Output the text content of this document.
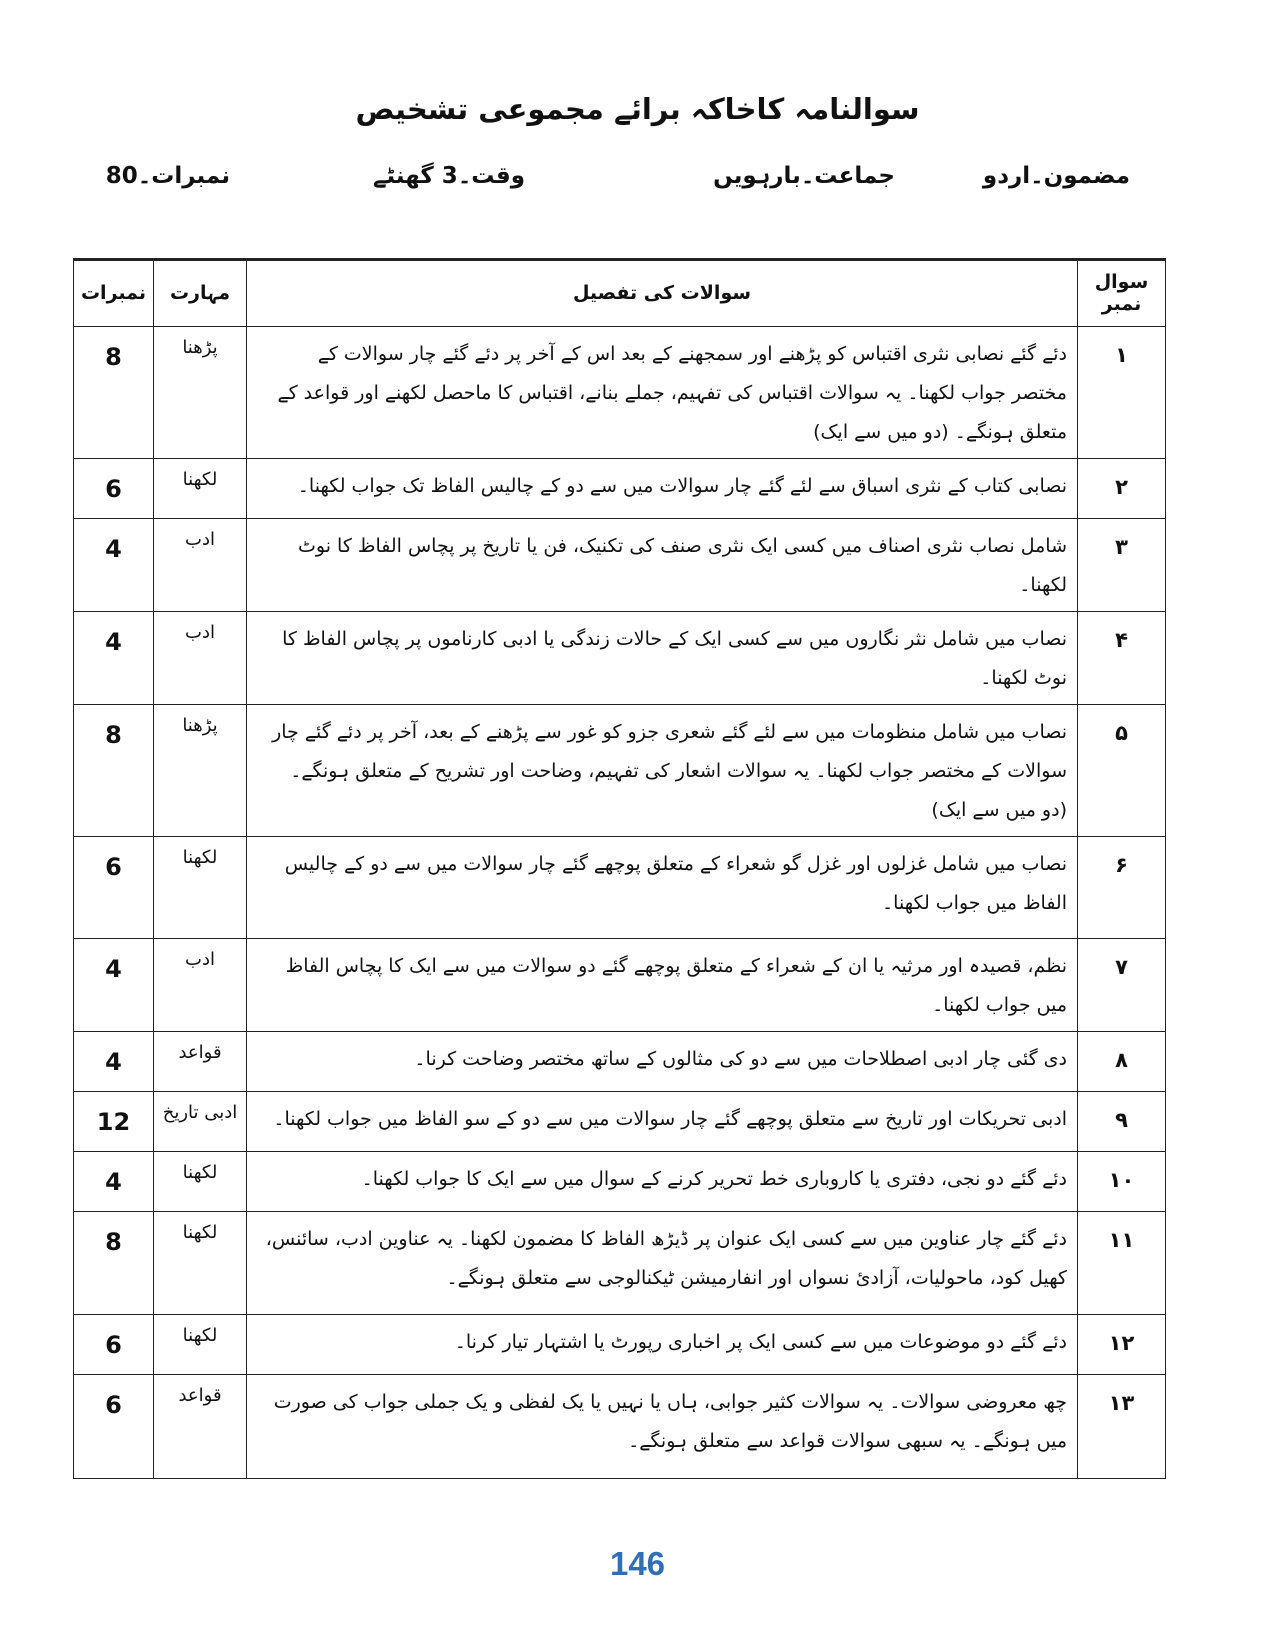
سوالنامہ کاخاکہ برائے مجموعی تشخیص
مضمون۔اردو
جماعت۔بارہویں
وقت۔3 گھنٹے
نمبرات۔80
سوال نمبر	سوالات کی تفصیل	مہارت	نمبرات
۱	دئے گئے نصابی نثری اقتباس کو پڑھنے اور سمجھنے کے بعد اس کے آخر پر دئے گئے چار سوالات کے مختصر جواب لکھنا۔ یہ سوالات اقتباس کی تفہیم، جملے بنانے، اقتباس کا ماحصل لکھنے اور قواعد کے متعلق ہونگے۔ (دو میں سے ایک)	پڑھنا	8
۲	نصابی کتاب کے نثری اسباق سے لئے گئے چار سوالات میں سے دو کے چالیس الفاظ تک جواب لکھنا۔	لکھنا	6
۳	شامل نصاب نثری اصناف میں کسی ایک نثری صنف کی تکنیک، فن یا تاریخ پر پچاس الفاظ کا نوٹ لکھنا۔	ادب	4
۴	نصاب میں شامل نثر نگاروں میں سے کسی ایک کے حالات زندگی یا ادبی کارناموں پر پچاس الفاظ کا نوٹ لکھنا۔	ادب	4
۵	نصاب میں شامل منظومات میں سے لئے گئے شعری جزو کو غور سے پڑھنے کے بعد، آخر پر دئے گئے چار سوالات کے مختصر جواب لکھنا۔ یہ سوالات اشعار کی تفہیم، وضاحت اور تشریح کے متعلق ہونگے۔ (دو میں سے ایک)	پڑھنا	8
۶	نصاب میں شامل غزلوں اور غزل گو شعراء کے متعلق پوچھے گئے چار سوالات میں سے دو کے چالیس الفاظ میں جواب لکھنا۔	لکھنا	6
۷	نظم، قصیدہ اور مرثیہ یا ان کے شعراء کے متعلق پوچھے گئے دو سوالات میں سے ایک کا پچاس الفاظ میں جواب لکھنا۔	ادب	4
۸	دی گئی چار ادبی اصطلاحات میں سے دو کی مثالوں کے ساتھ مختصر وضاحت کرنا۔	قواعد	4
۹	ادبی تحریکات اور تاریخ سے متعلق پوچھے گئے چار سوالات میں سے دو کے سو الفاظ میں جواب لکھنا۔	ادبی تاریخ	12
۱۰	دئے گئے دو نجی، دفتری یا کاروباری خط تحریر کرنے کے سوال میں سے ایک کا جواب لکھنا۔	لکھنا	4
۱۱	دئے گئے چار عناوین میں سے کسی ایک عنوان پر ڈیڑھ الفاظ کا مضمون لکھنا۔ یہ عناوین ادب، سائنس، کھیل کود، ماحولیات، آزادئ نسواں اور انفارمیشن ٹیکنالوجی سے متعلق ہونگے۔	لکھنا	8
۱۲	دئے گئے دو موضوعات میں سے کسی ایک پر اخباری رپورٹ یا اشتہار تیار کرنا۔	لکھنا	6
۱۳	چھ معروضی سوالات۔ یہ سوالات کثیر جوابی، ہاں یا نہیں یا یک لفظی و یک جملی جواب کی صورت میں ہونگے۔ یہ سبھی سوالات قواعد سے متعلق ہونگے۔	قواعد	6
146
